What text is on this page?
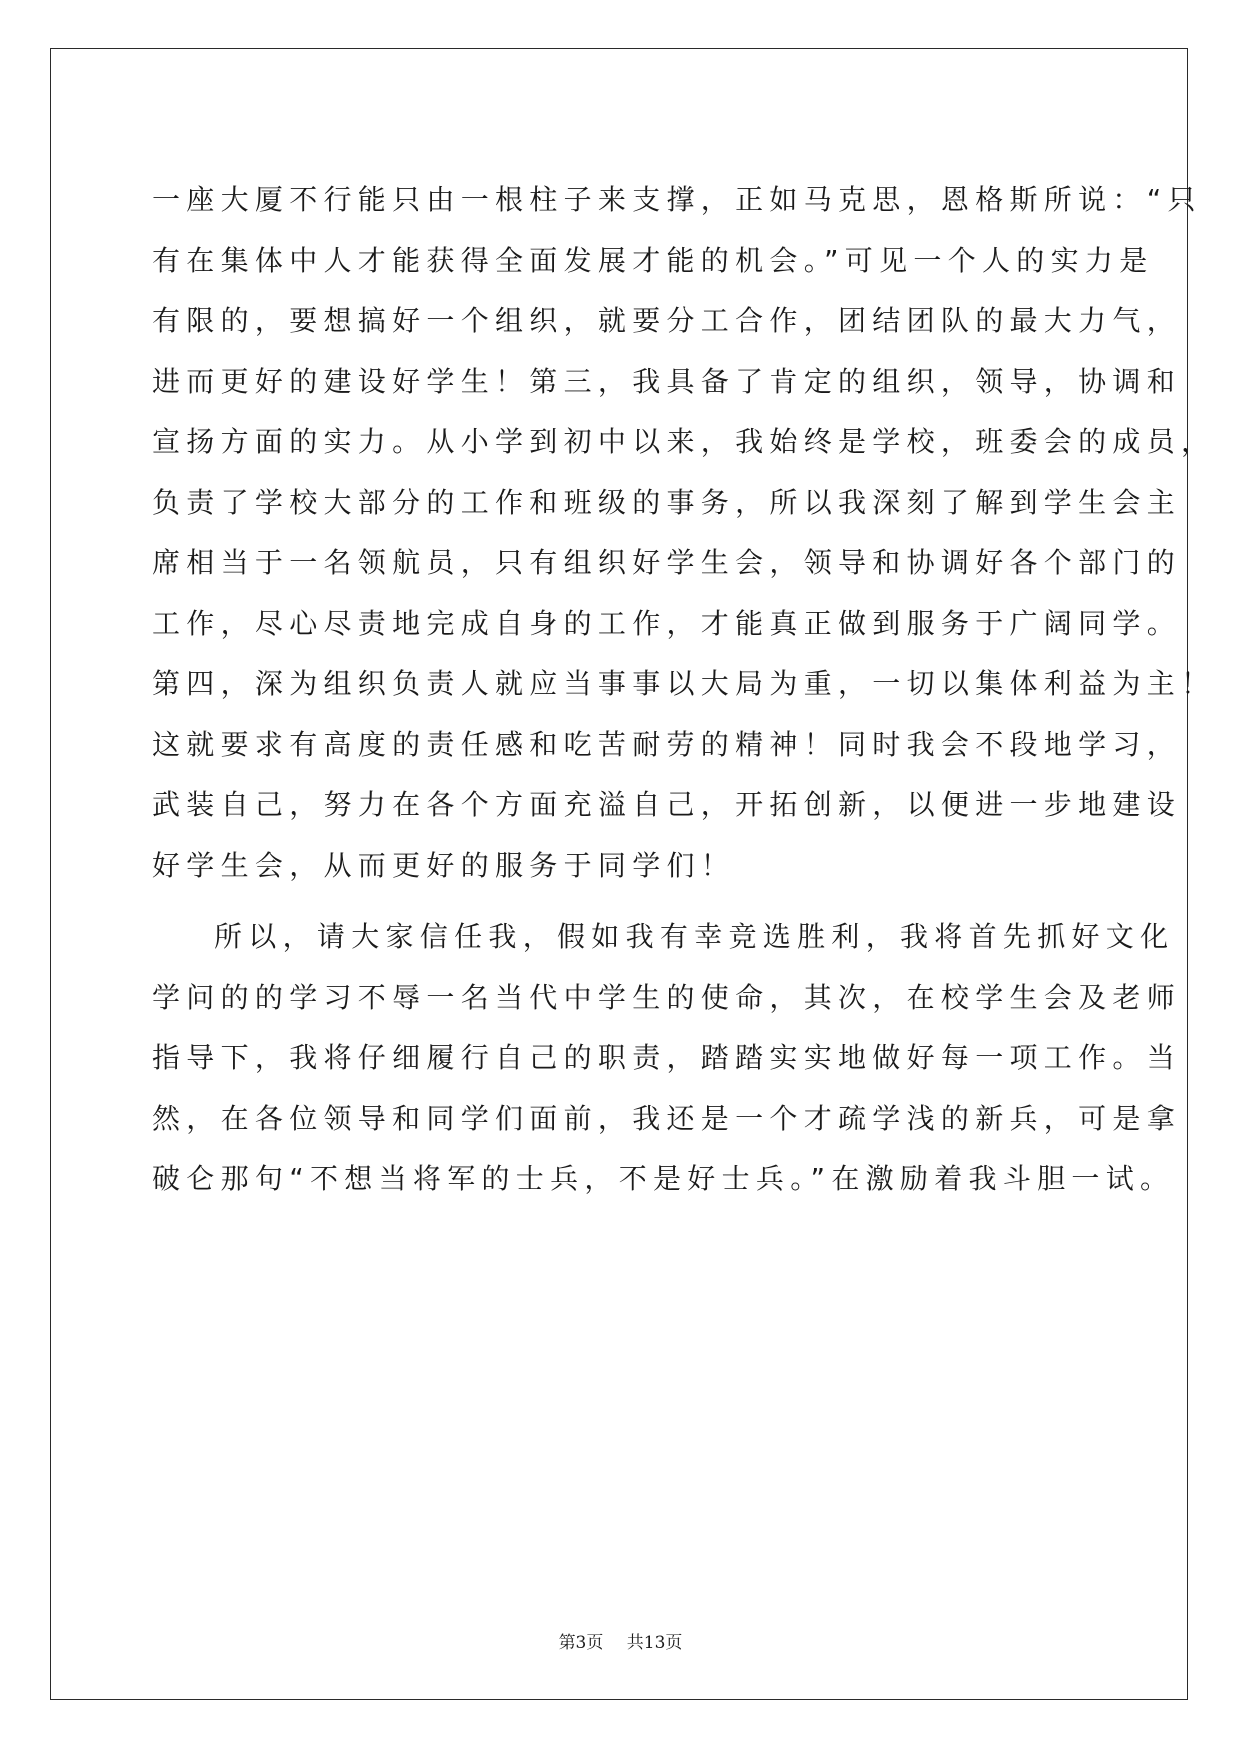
一座大厦不行能只由一根柱子来支撑，正如马克思，恩格斯所说：“只

有在集体中人才能获得全面发展才能的机会。”可见一个人的实力是

有限的，要想搞好一个组织，就要分工合作，团结团队的最大力气，

进而更好的建设好学生！第三，我具备了肯定的组织，领导，协调和

宣扬方面的实力。从小学到初中以来，我始终是学校，班委会的成员，

负责了学校大部分的工作和班级的事务，所以我深刻了解到学生会主

席相当于一名领航员，只有组织好学生会，领导和协调好各个部门的

工作，尽心尽责地完成自身的工作，才能真正做到服务于广阔同学。

第四，深为组织负责人就应当事事以大局为重，一切以集体利益为主！

这就要求有高度的责任感和吃苦耐劳的精神！同时我会不段地学习，

武装自己，努力在各个方面充溢自己，开拓创新，以便进一步地建设

好学生会，从而更好的服务于同学们！

所以，请大家信任我，假如我有幸竞选胜利，我将首先抓好文化

学问的的学习不辱一名当代中学生的使命，其次，在校学生会及老师

指导下，我将仔细履行自己的职责，踏踏实实地做好每一项工作。当

然，在各位领导和同学们面前，我还是一个才疏学浅的新兵，可是拿

破仑那句“不想当将军的士兵，不是好士兵。”在激励着我斗胆一试。

第3页 共13页
